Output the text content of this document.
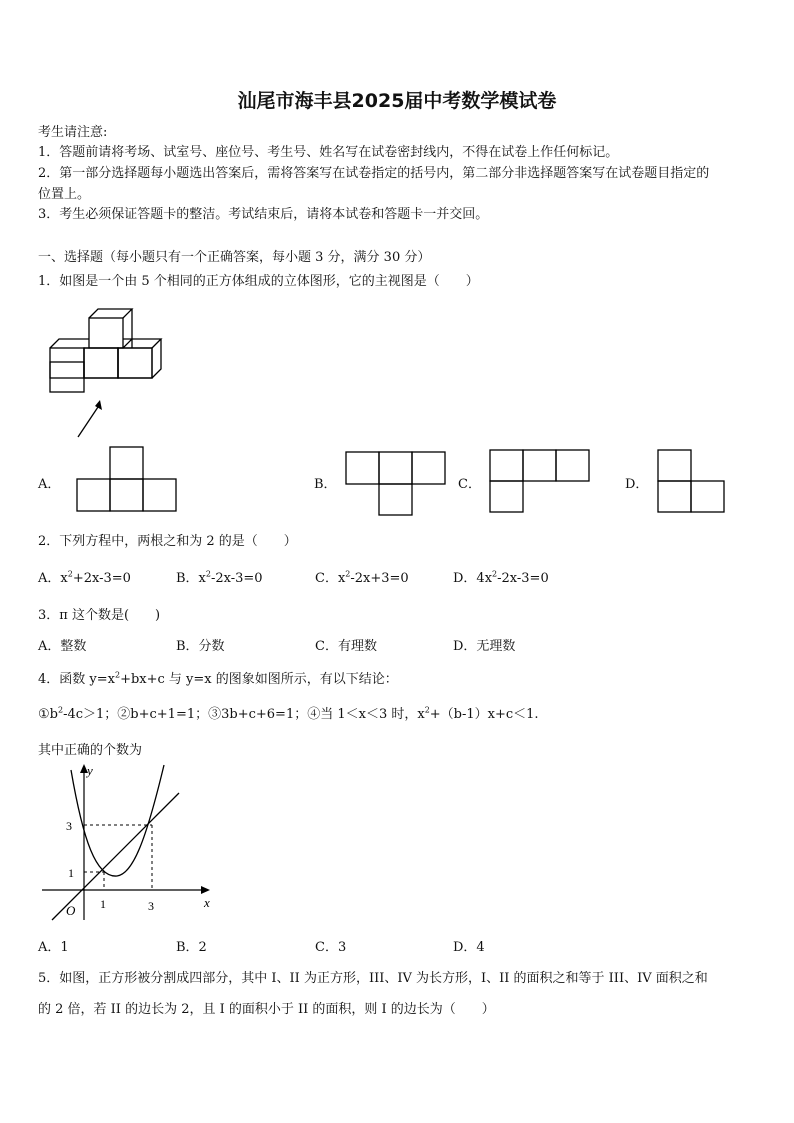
汕尾市海丰县2025届中考数学模试卷
考生请注意:
1．答题前请将考场、试室号、座位号、考生号、姓名写在试卷密封线内，不得在试卷上作任何标记。
2．第一部分选择题每小题选出答案后，需将答案写在试卷指定的括号内，第二部分非选择题答案写在试卷题目指定的
位置上。
3．考生必须保证答题卡的整洁。考试结束后，请将本试卷和答题卡一并交回。
一、选择题（每小题只有一个正确答案，每小题 3 分，满分 30 分）
1．如图是一个由 5 个相同的正方体组成的立体图形，它的主视图是（　　）
A．	B．	C．	D．
2．下列方程中，两根之和为 2 的是（　　）
A．$x^2+2x-3=0$	B．$x^2-2x-3=0$	C．$x^2-2x+3=0$	D．$4x^2-2x-3=0$
3．π 这个数是(　　)
A．整数	B．分数	C．有理数	D．无理数
4．函数 $y=x^2+bx+c$ 与 y=x 的图象如图所示，有以下结论：
$①b^2-4c>1$；②b+c+1=1；③3b+c+6=1；④当 1＜x＜3 时，$x^2+(b-1)x+c<1$.
其中正确的个数为
y
x
O 1	3
1
3
A．1	B．2	C．3	D．4
5．如图，正方形被分割成四部分，其中 I、II 为正方形，III、IV 为长方形，I、II 的面积之和等于 III、IV 面积之和
的 2 倍，若 II 的边长为 2，且 I 的面积小于 II 的面积，则 I 的边长为（　　）
